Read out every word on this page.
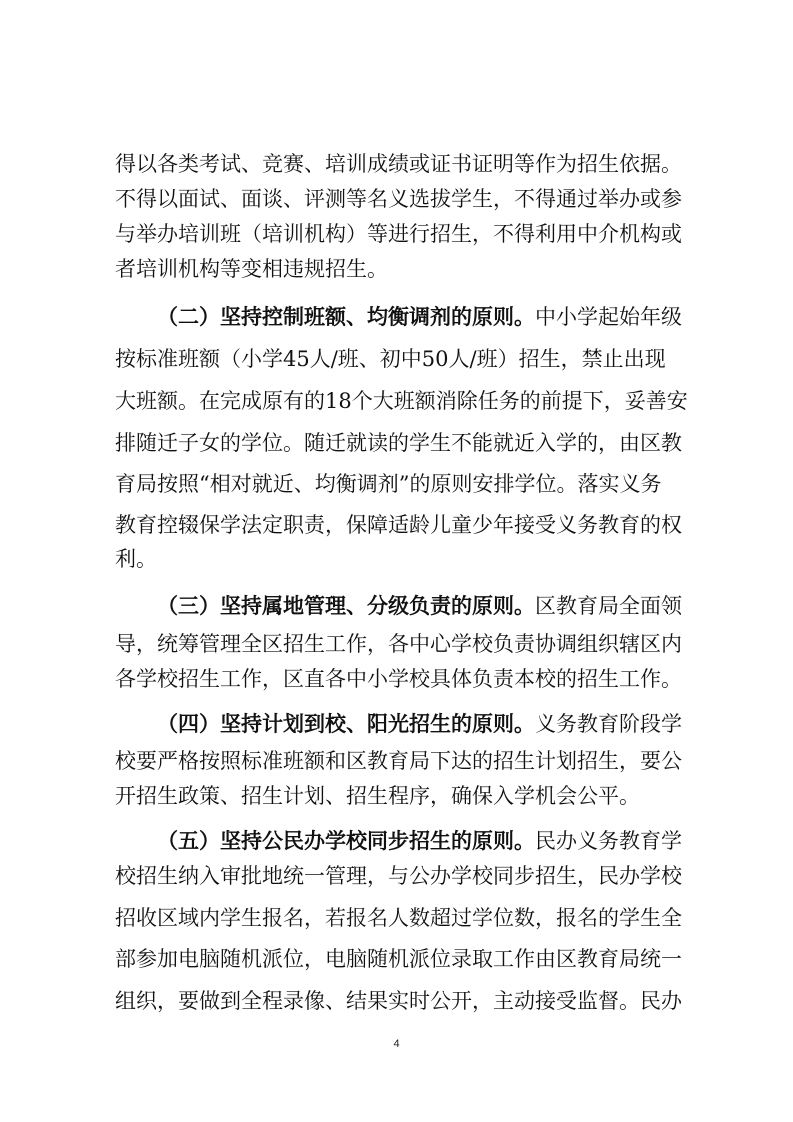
得以各类考试、竞赛、培训成绩或证书证明等作为招生依据。
不得以面试、面谈、评测等名义选拔学生，不得通过举办或参
与举办培训班（培训机构）等进行招生，不得利用中介机构或
者培训机构等变相违规招生。
（二）坚持控制班额、均衡调剂的原则。中小学起始年级
按标准班额（小学45人/班、初中50人/班）招生，禁止出现
大班额。在完成原有的18个大班额消除任务的前提下，妥善安
排随迁子女的学位。随迁就读的学生不能就近入学的，由区教
育局按照“相对就近、均衡调剂”的原则安排学位。落实义务
教育控辍保学法定职责，保障适龄儿童少年接受义务教育的权
利。
（三）坚持属地管理、分级负责的原则。区教育局全面领
导，统筹管理全区招生工作，各中心学校负责协调组织辖区内
各学校招生工作，区直各中小学校具体负责本校的招生工作。
（四）坚持计划到校、阳光招生的原则。义务教育阶段学
校要严格按照标准班额和区教育局下达的招生计划招生，要公
开招生政策、招生计划、招生程序，确保入学机会公平。
（五）坚持公民办学校同步招生的原则。民办义务教育学
校招生纳入审批地统一管理，与公办学校同步招生，民办学校
招收区域内学生报名，若报名人数超过学位数，报名的学生全
部参加电脑随机派位，电脑随机派位录取工作由区教育局统一
组织，要做到全程录像、结果实时公开，主动接受监督。民办
4
